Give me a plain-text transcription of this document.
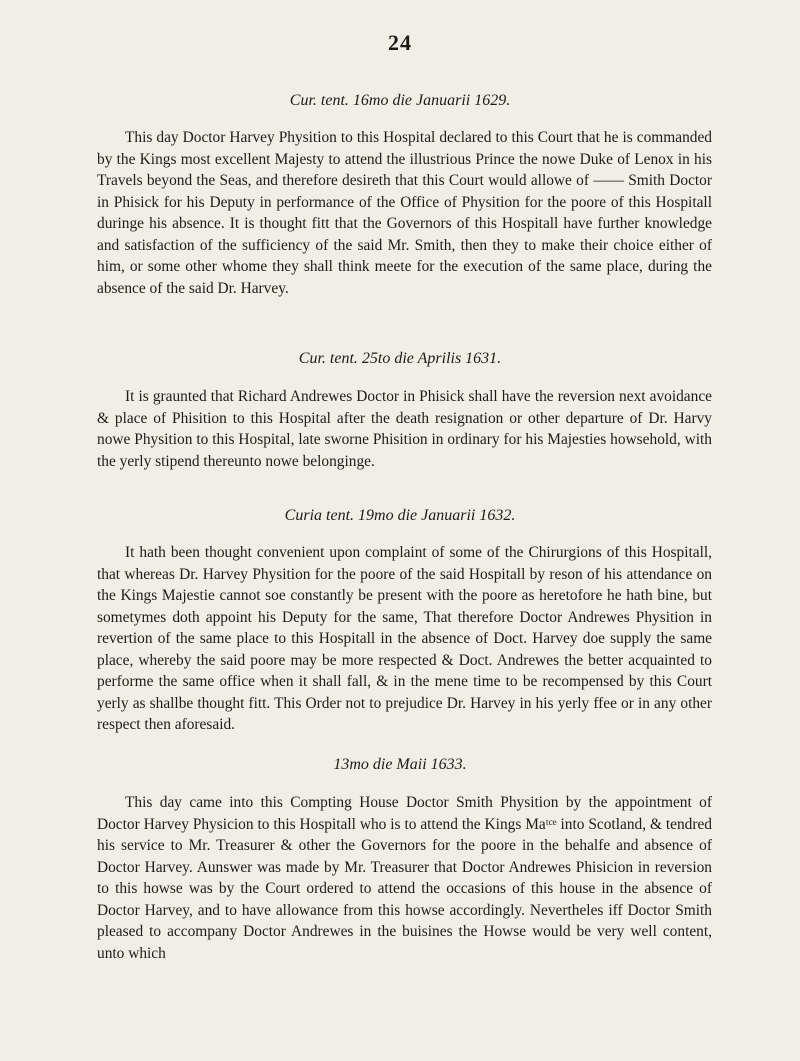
24
Cur. tent. 16mo die Januarii 1629.
This day Doctor Harvey Physition to this Hospital declared to this Court that he is commanded by the Kings most excellent Majesty to attend the illustrious Prince the nowe Duke of Lenox in his Travels beyond the Seas, and therefore desireth that this Court would allowe of —— Smith Doctor in Phisick for his Deputy in performance of the Office of Physition for the poore of this Hospitall duringe his absence. It is thought fitt that the Governors of this Hospitall have further knowledge and satisfaction of the sufficiency of the said Mr. Smith, then they to make their choice either of him, or some other whome they shall think meete for the execution of the same place, during the absence of the said Dr. Harvey.
Cur. tent. 25to die Aprilis 1631.
It is graunted that Richard Andrewes Doctor in Phisick shall have the reversion next avoidance & place of Phisition to this Hospital after the death resignation or other departure of Dr. Harvy nowe Physition to this Hospital, late sworne Phisition in ordinary for his Majesties howsehold, with the yerly stipend thereunto nowe belonginge.
Curia tent. 19mo die Januarii 1632.
It hath been thought convenient upon complaint of some of the Chirurgions of this Hospitall, that whereas Dr. Harvey Physition for the poore of the said Hospitall by reson of his attendance on the Kings Majestie cannot soe constantly be present with the poore as heretofore he hath bine, but sometymes doth appoint his Deputy for the same, That therefore Doctor Andrewes Physition in revertion of the same place to this Hospitall in the absence of Doct. Harvey doe supply the same place, whereby the said poore may be more respected & Doct. Andrewes the better acquainted to performe the same office when it shall fall, & in the mene time to be recompensed by this Court yerly as shallbe thought fitt. This Order not to prejudice Dr. Harvey in his yerly ffee or in any other respect then aforesaid.
13mo die Maii 1633.
This day came into this Compting House Doctor Smith Physition by the appointment of Doctor Harvey Physicion to this Hospitall who is to attend the Kings Maᵗᶜᵉ into Scotland, & tendred his service to Mr. Treasurer & other the Governors for the poore in the behalfe and absence of Doctor Harvey. Aunswer was made by Mr. Treasurer that Doctor Andrewes Phisicion in reversion to this howse was by the Court ordered to attend the occasions of this house in the absence of Doctor Harvey, and to have allowance from this howse accordingly. Nevertheles iff Doctor Smith pleased to accompany Doctor Andrewes in the buisines the Howse would be very well content, unto which
